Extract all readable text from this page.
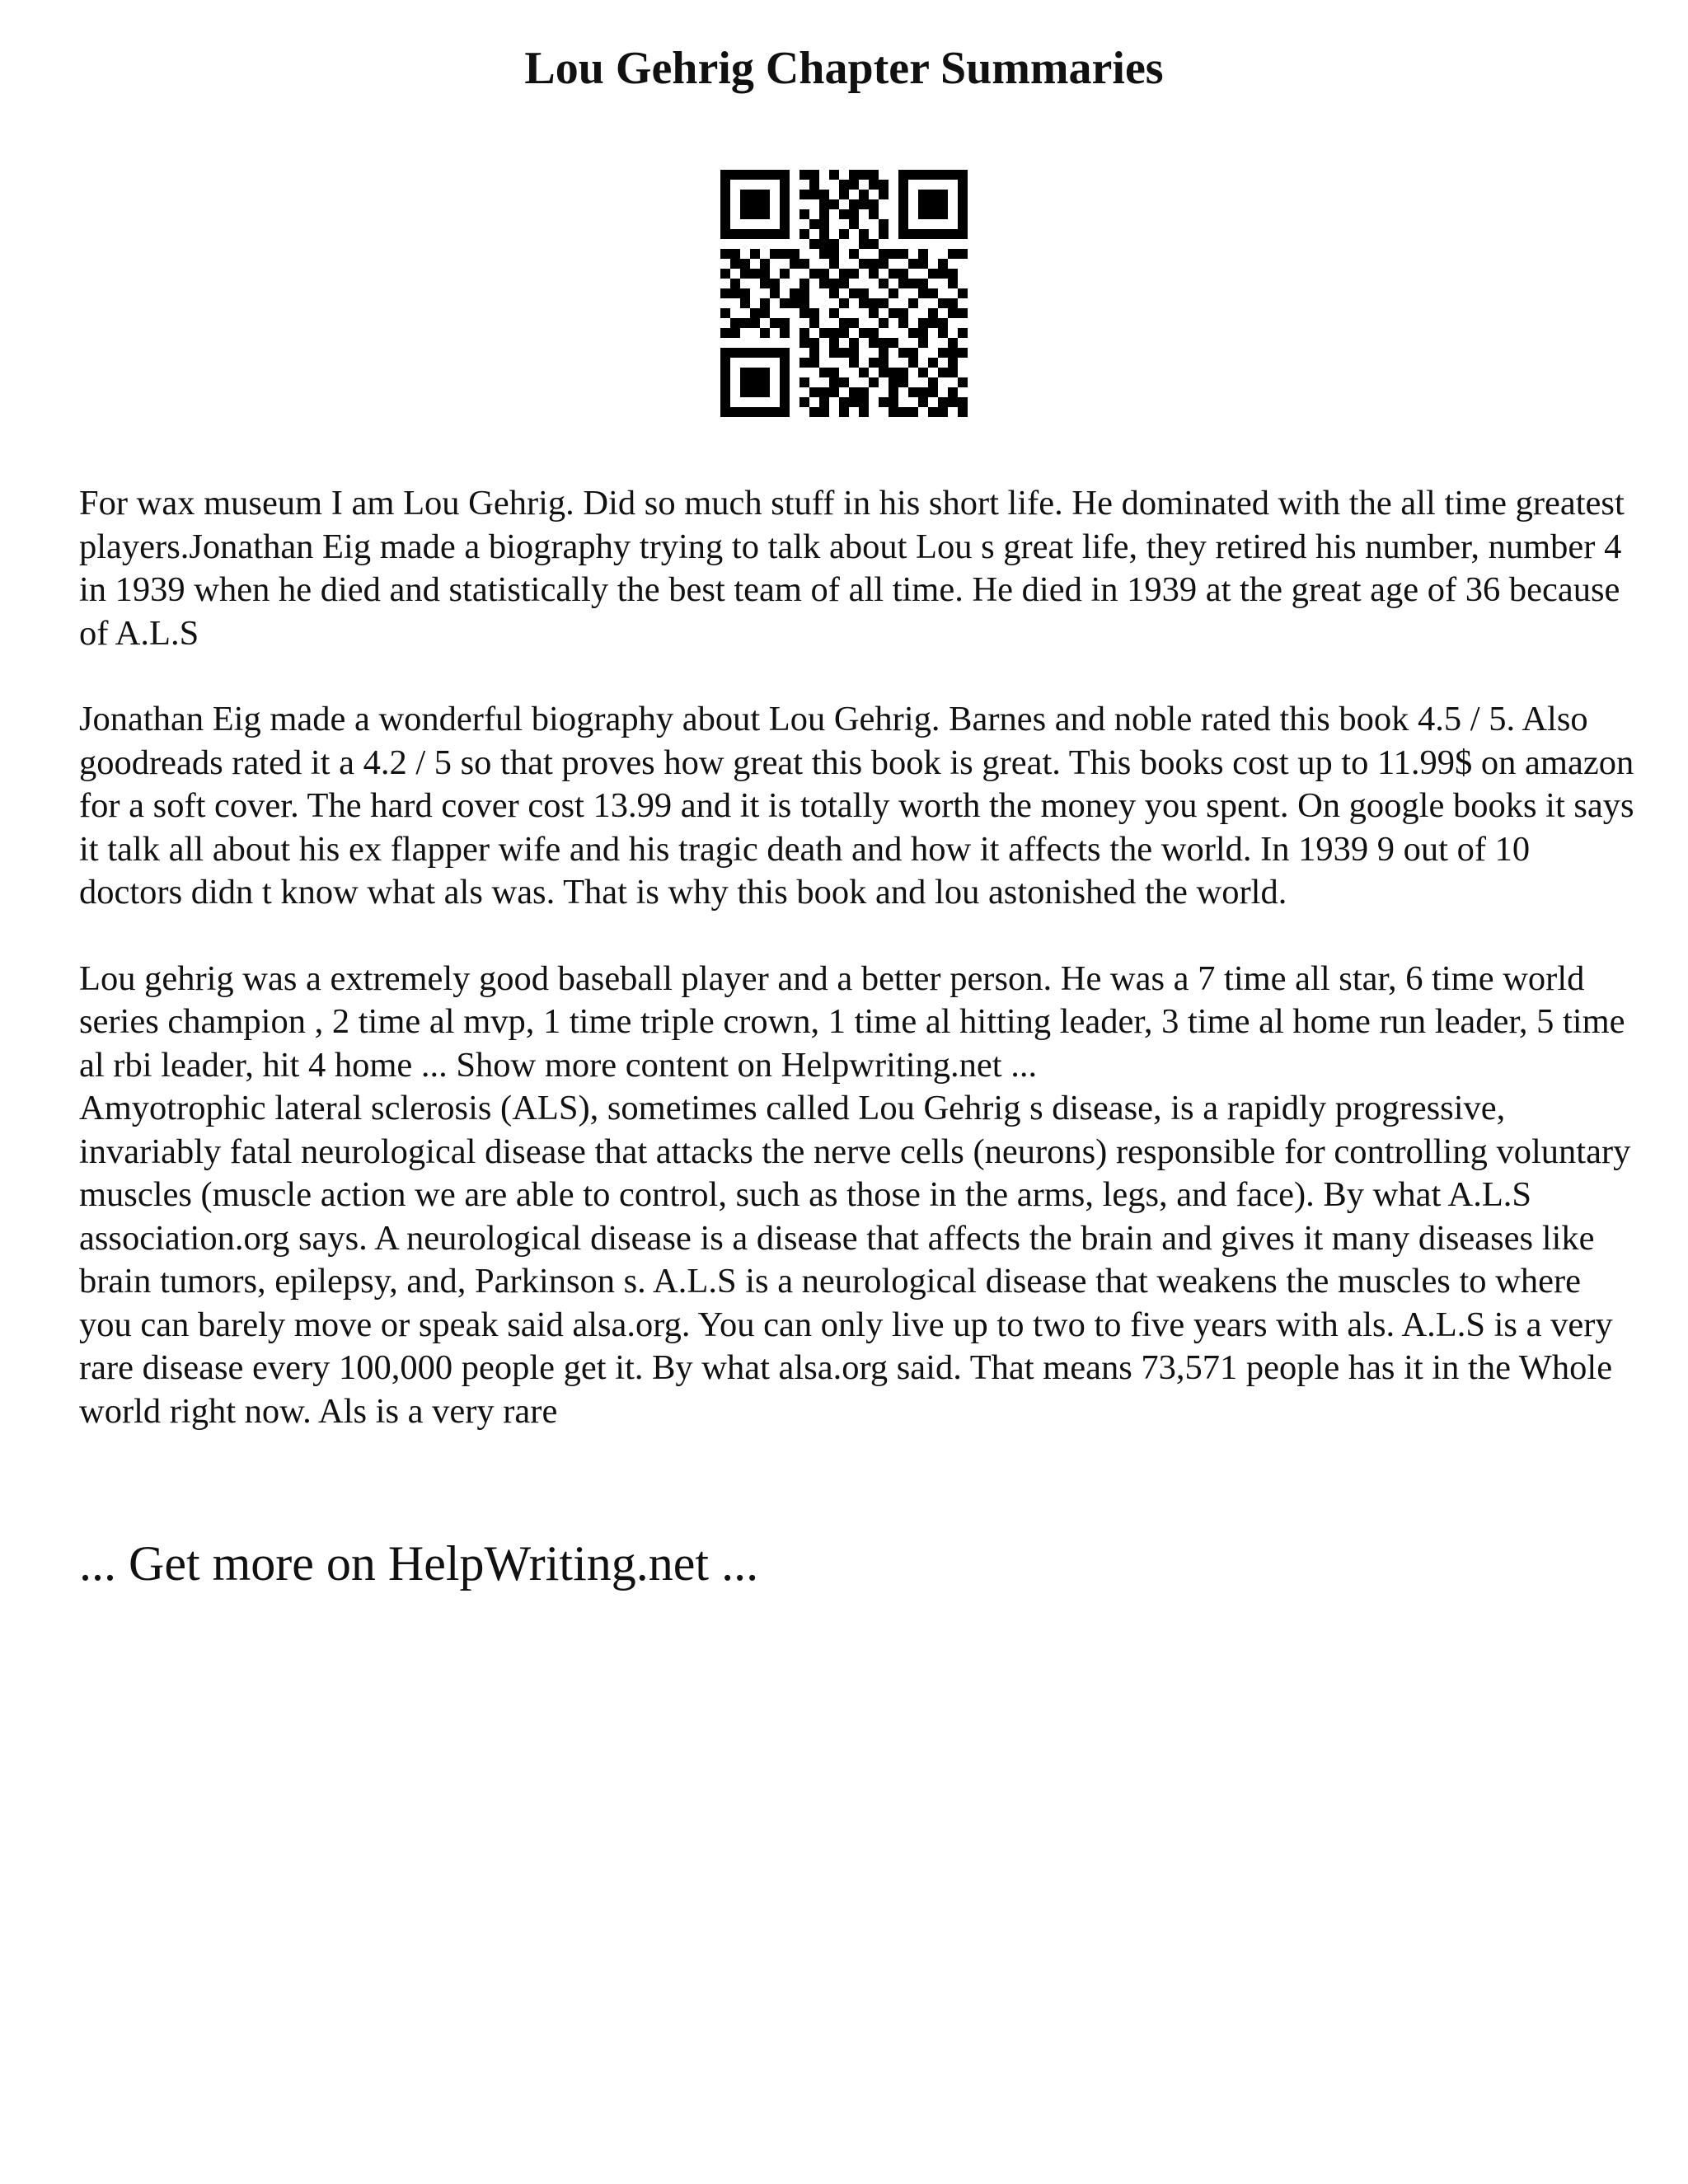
Lou Gehrig Chapter Summaries

For wax museum I am Lou Gehrig. Did so much stuff in his short life. He dominated with the all time greatest players.Jonathan Eig made a biography trying to talk about Lou s great life, they retired his number, number 4 in 1939 when he died and statistically the best team of all time. He died in 1939 at the great age of 36 because of A.L.S

Jonathan Eig made a wonderful biography about Lou Gehrig. Barnes and noble rated this book 4.5 / 5. Also goodreads rated it a 4.2 / 5 so that proves how great this book is great. This books cost up to 11.99$ on amazon for a soft cover. The hard cover cost 13.99 and it is totally worth the money you spent. On google books it says it talk all about his ex flapper wife and his tragic death and how it affects the world. In 1939 9 out of 10 doctors didn t know what als was. That is why this book and lou astonished the world.

Lou gehrig was a extremely good baseball player and a better person. He was a 7 time all star, 6 time world series champion , 2 time al mvp, 1 time triple crown, 1 time al hitting leader, 3 time al home run leader, 5 time al rbi leader, hit 4 home ... Show more content on Helpwriting.net ...

Amyotrophic lateral sclerosis (ALS), sometimes called Lou Gehrig s disease, is a rapidly progressive, invariably fatal neurological disease that attacks the nerve cells (neurons) responsible for controlling voluntary muscles (muscle action we are able to control, such as those in the arms, legs, and face). By what A.L.S association.org says. A neurological disease is a disease that affects the brain and gives it many diseases like brain tumors, epilepsy, and, Parkinson s. A.L.S is a neurological disease that weakens the muscles to where you can barely move or speak said alsa.org. You can only live up to two to five years with als. A.L.S is a very rare disease every 100,000 people get it. By what alsa.org said. That means 73,571 people has it in the Whole world right now. Als is a very rare

... Get more on HelpWriting.net ...
